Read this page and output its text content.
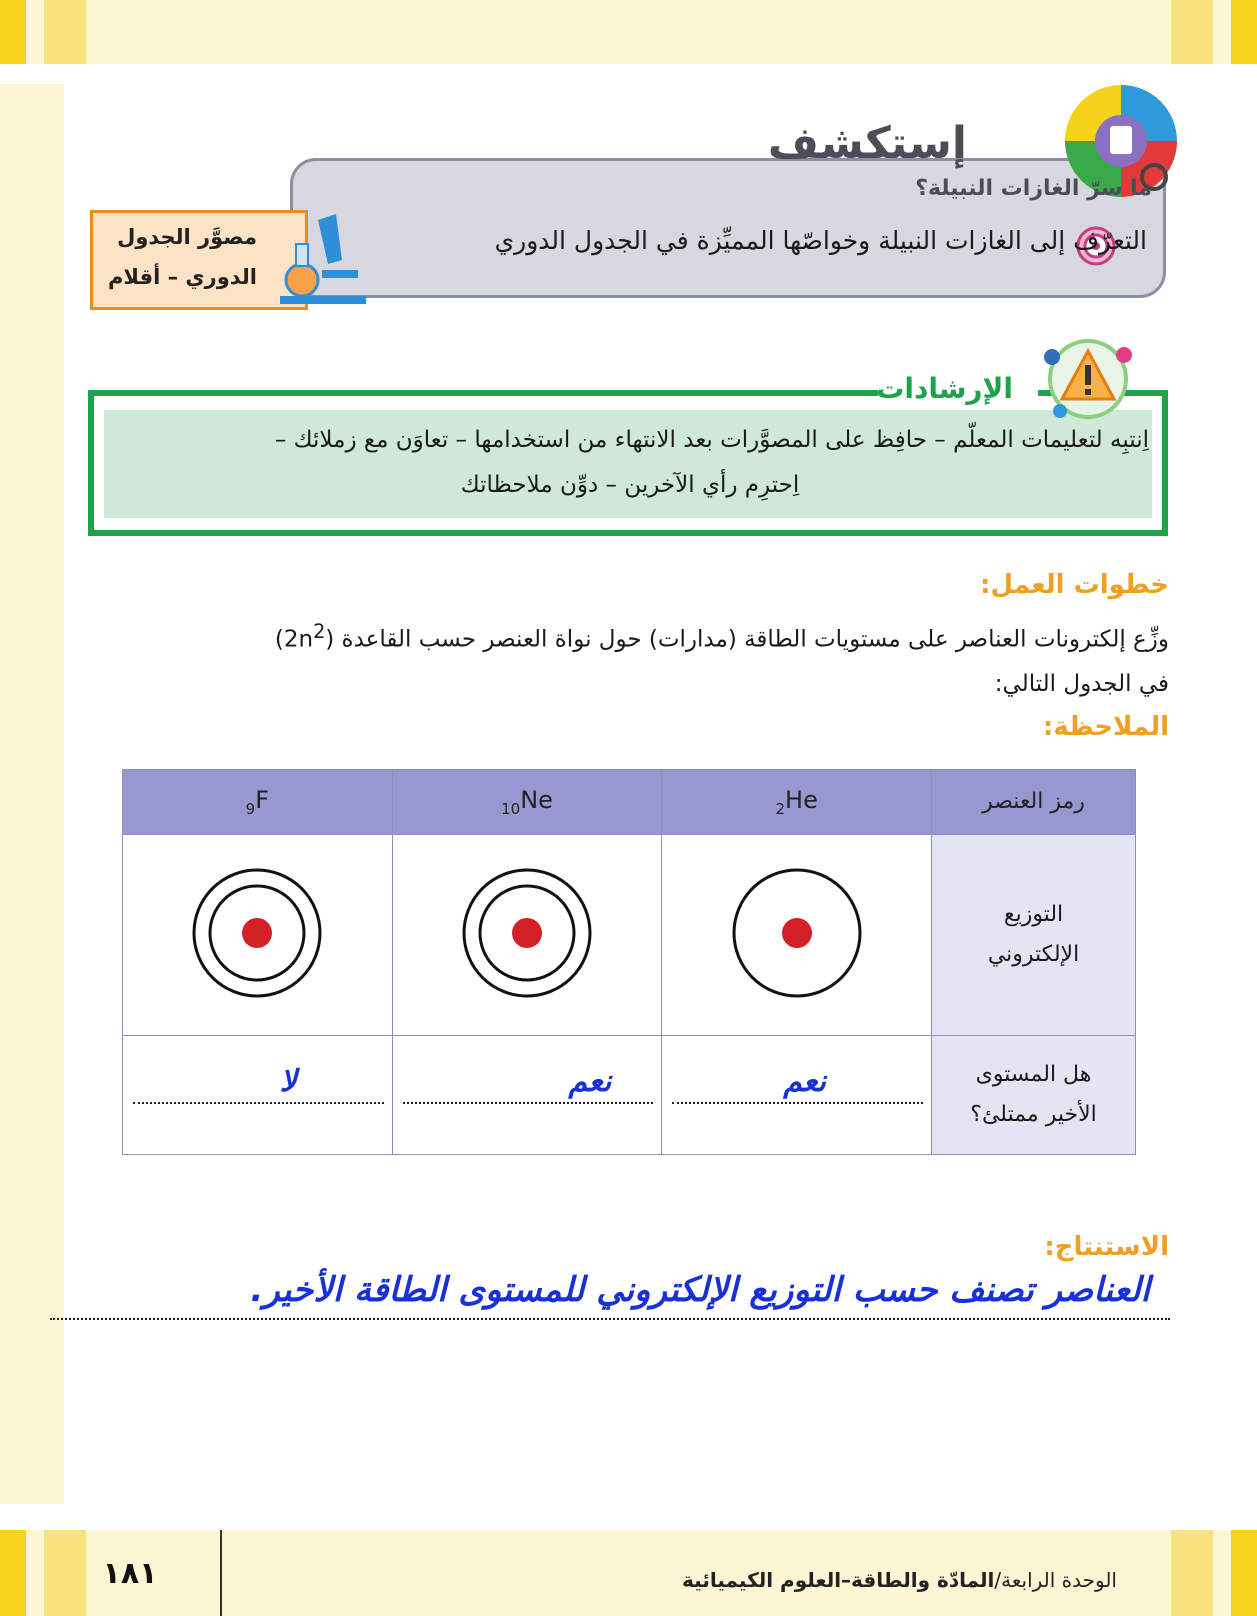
إستكشف
ما سرّ الغازات النبيلة؟
التعرّف إلى الغازات النبيلة وخواصّها المميِّزة في الجدول الدوري
مصوَّر الجدول
الدوري – أقلام
الإرشادات
اِنتبِه لتعليمات المعلّم – حافِظ على المصوَّرات بعد الانتهاء من استخدامها – تعاوَن مع زملائك –
اِحترِم رأي الآخرين – دوِّن ملاحظاتك
خطوات العمل:
وزِّع إلكترونات العناصر على مستويات الطاقة (مدارات) حول نواة العنصر حسب القاعدة $(2n^2)$
في الجدول التالي:
الملاحظة:
رمز العنصر	$_2$He	$_{10}$Ne	$_9$F

التوزيع
الإلكتروني

هل المستوى
الأخير ممتلئ؟	نعم	نعم	لا
الاستنتاج:
العناصر تصنف حسب التوزيع الإلكتروني للمستوى الطاقة الأخير.
١٨١	الوحدة الرابعة/المادّة والطاقة–العلوم الكيميائية
